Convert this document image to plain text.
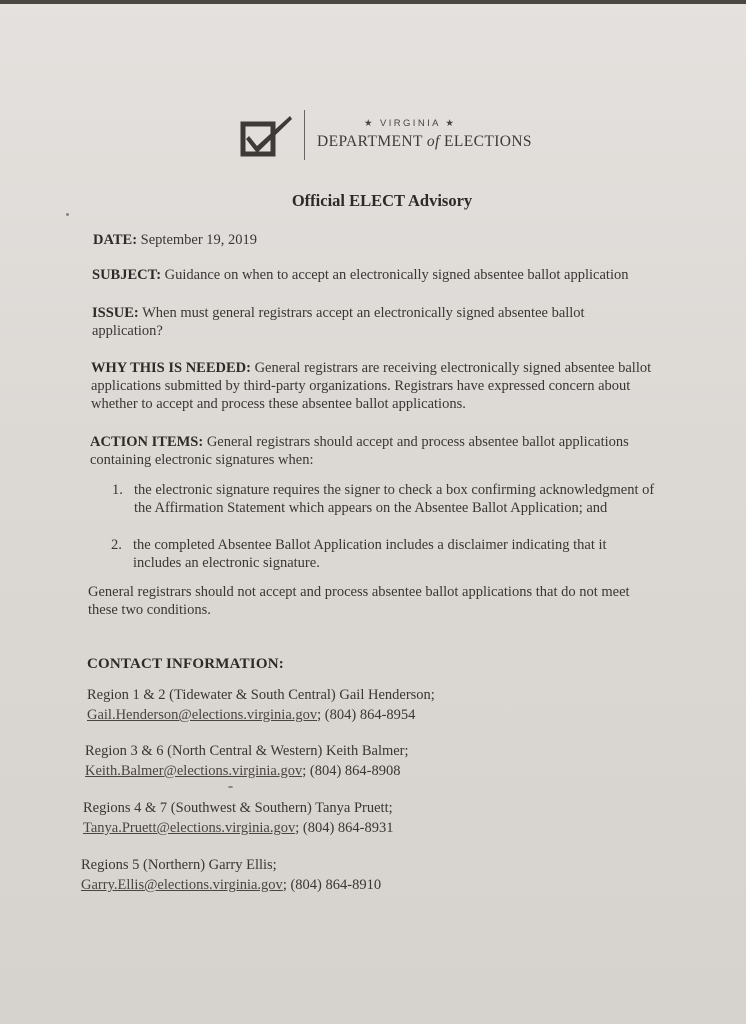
★ VIRGINIA ★
DEPARTMENT of ELECTIONS
Official ELECT Advisory
DATE: September 19, 2019
SUBJECT: Guidance on when to accept an electronically signed absentee ballot application
ISSUE: When must general registrars accept an electronically signed absentee ballot
application?
WHY THIS IS NEEDED: General registrars are receiving electronically signed absentee ballot
applications submitted by third-party organizations. Registrars have expressed concern about
whether to accept and process these absentee ballot applications.
ACTION ITEMS: General registrars should accept and process absentee ballot applications
containing electronic signatures when:
1. the electronic signature requires the signer to check a box confirming acknowledgment of
the Affirmation Statement which appears on the Absentee Ballot Application; and
2. the completed Absentee Ballot Application includes a disclaimer indicating that it
includes an electronic signature.
General registrars should not accept and process absentee ballot applications that do not meet
these two conditions.
CONTACT INFORMATION:
Region 1 & 2 (Tidewater & South Central) Gail Henderson;
Gail.Henderson@elections.virginia.gov; (804) 864-8954
Region 3 & 6 (North Central & Western) Keith Balmer;
Keith.Balmer@elections.virginia.gov; (804) 864-8908
Regions 4 & 7 (Southwest & Southern) Tanya Pruett;
Tanya.Pruett@elections.virginia.gov; (804) 864-8931
Regions 5 (Northern) Garry Ellis;
Garry.Ellis@elections.virginia.gov; (804) 864-8910
